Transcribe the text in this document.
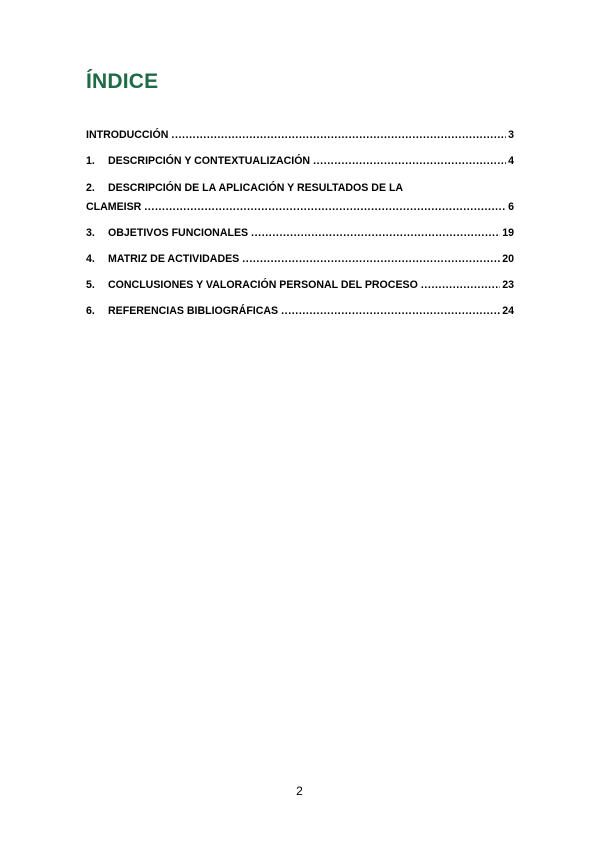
ÍNDICE
INTRODUCCIÓN .....	3
1.	DESCRIPCIÓN Y CONTEXTUALIZACIÓN .....	4
2.	DESCRIPCIÓN DE LA APLICACIÓN Y RESULTADOS DE LA
CLAMEISR .....	6
3.	OBJETIVOS FUNCIONALES .....	19
4.	MATRIZ DE ACTIVIDADES .....	20
5.	CONCLUSIONES Y VALORACIÓN PERSONAL DEL PROCESO .....	23
6.	REFERENCIAS BIBLIOGRÁFICAS .....	24
2
